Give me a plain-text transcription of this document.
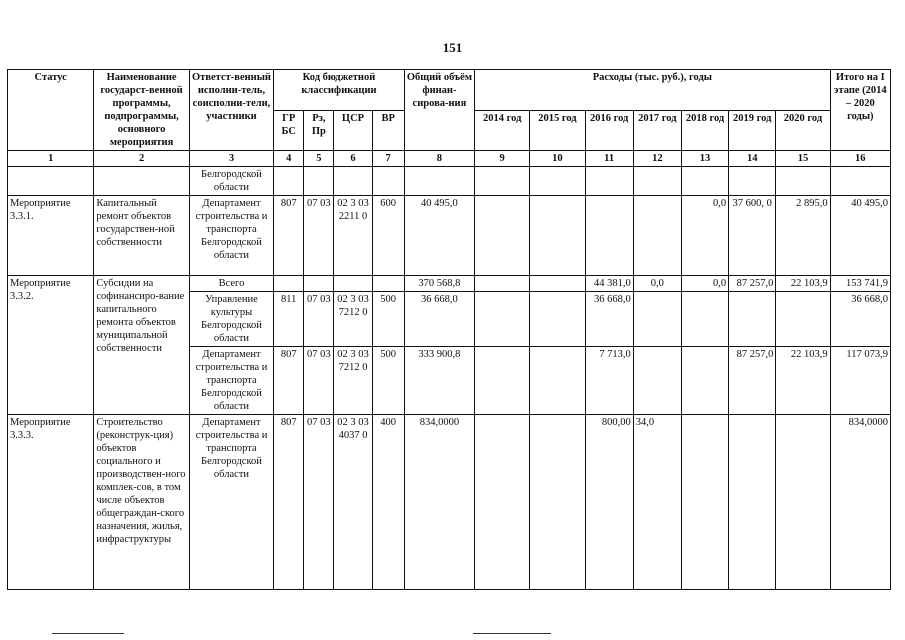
151
Статус	Наименование государст-венной программы, подпрограммы, основного мероприятия	Ответст-венный исполни-тель, соисполни-тели, участники	Код бюджетной классификации				Общий объём финан-сирова-ния	Расходы (тыс. руб.), годы							Итого на I этапе (2014 – 2020 годы)
			ГР БС	Рз, Пр	ЦСР	ВР		2014 год	2015 год	2016 год	2017 год	2018 год	2019 год	2020 год	
1	2	3	4	5	6	7	8	9	10	11	12	13	14	15	16
		Белгородской области													
Мероприятие 3.3.1.	Капитальный ремонт объектов государствен-ной собственности	Департамент строительства и транспорта Белгородской области	807	07 03	02 3 03 2211 0	600	40 495,0					0,0	37 600, 0	2 895,0	40 495,0
Мероприятие 3.3.2.	Субсидии на софинансиро-вание капитального ремонта объектов муниципальной собственности	Всего					370 568,8			44 381,0	0,0	0,0	87 257,0	22 103,9	153 741,9
		Управление культуры Белгородской области	811	07 03	02 3 03 7212 0	500	36 668,0			36 668,0					36 668,0
		Департамент строительства и транспорта Белгородской области	807	07 03	02 3 03 7212 0	500	333 900,8			7 713,0			87 257,0	22 103,9	117 073,9
Мероприятие 3.3.3.	Строительство (реконструк-ция) объектов социального и производствен-ного комплек-сов, в том числе объектов общеграждан-ского назначения, жилья, инфраструктуры	Департамент строительства и транспорта Белгородской области	807	07 03	02 3 03 4037 0	400	834,0000			800,00	34,0				834,0000
